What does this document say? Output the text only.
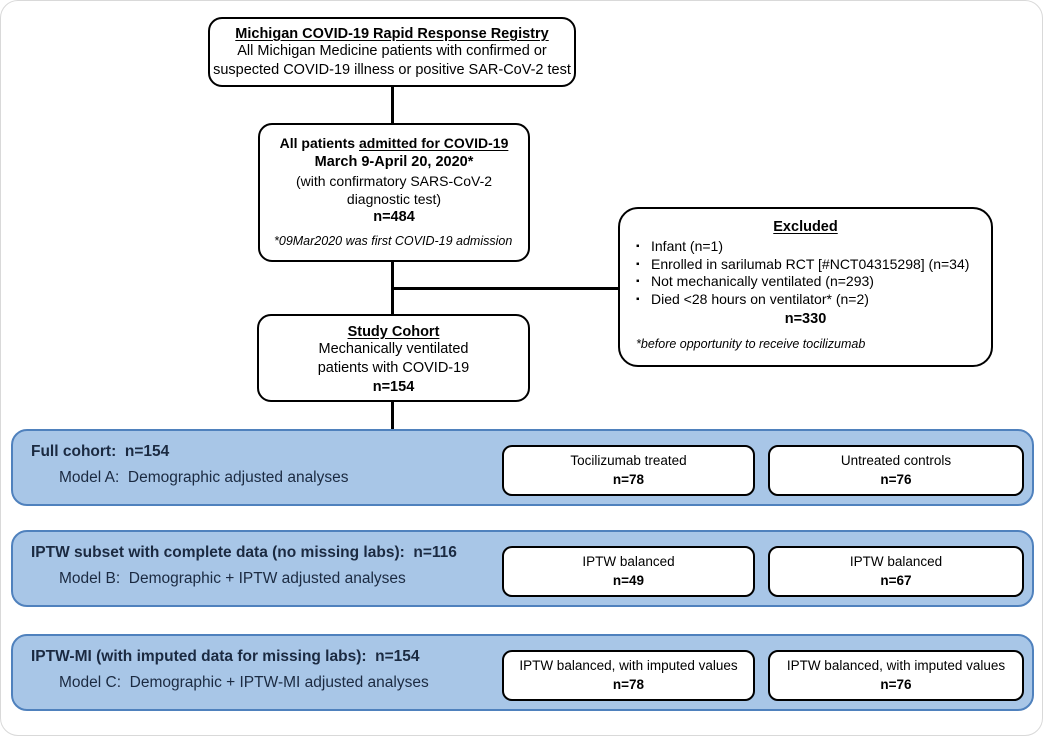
Michigan COVID-19 Rapid Response Registry
All Michigan Medicine patients with confirmed or suspected COVID-19 illness or positive SAR-CoV-2 test
All patients admitted for COVID-19
March 9-April 20, 2020*
(with confirmatory SARS-CoV-2 diagnostic test)
n=484
*09Mar2020 was first COVID-19 admission
Excluded
▪ Infant (n=1)
▪ Enrolled in sarilumab RCT [#NCT04315298] (n=34)
▪ Not mechanically ventilated (n=293)
▪ Died <28 hours on ventilator* (n=2)
n=330
*before opportunity to receive tocilizumab
Study Cohort
Mechanically ventilated patients with COVID-19
n=154
Full cohort:  n=154
Model A:  Demographic adjusted analyses
Tocilizumab treated
n=78
Untreated controls
n=76
IPTW subset with complete data (no missing labs):  n=116
Model B:  Demographic + IPTW adjusted analyses
IPTW balanced
n=49
IPTW balanced
n=67
IPTW-MI (with imputed data for missing labs):  n=154
Model C:  Demographic + IPTW-MI adjusted analyses
IPTW balanced, with imputed values
n=78
IPTW balanced, with imputed values
n=76
